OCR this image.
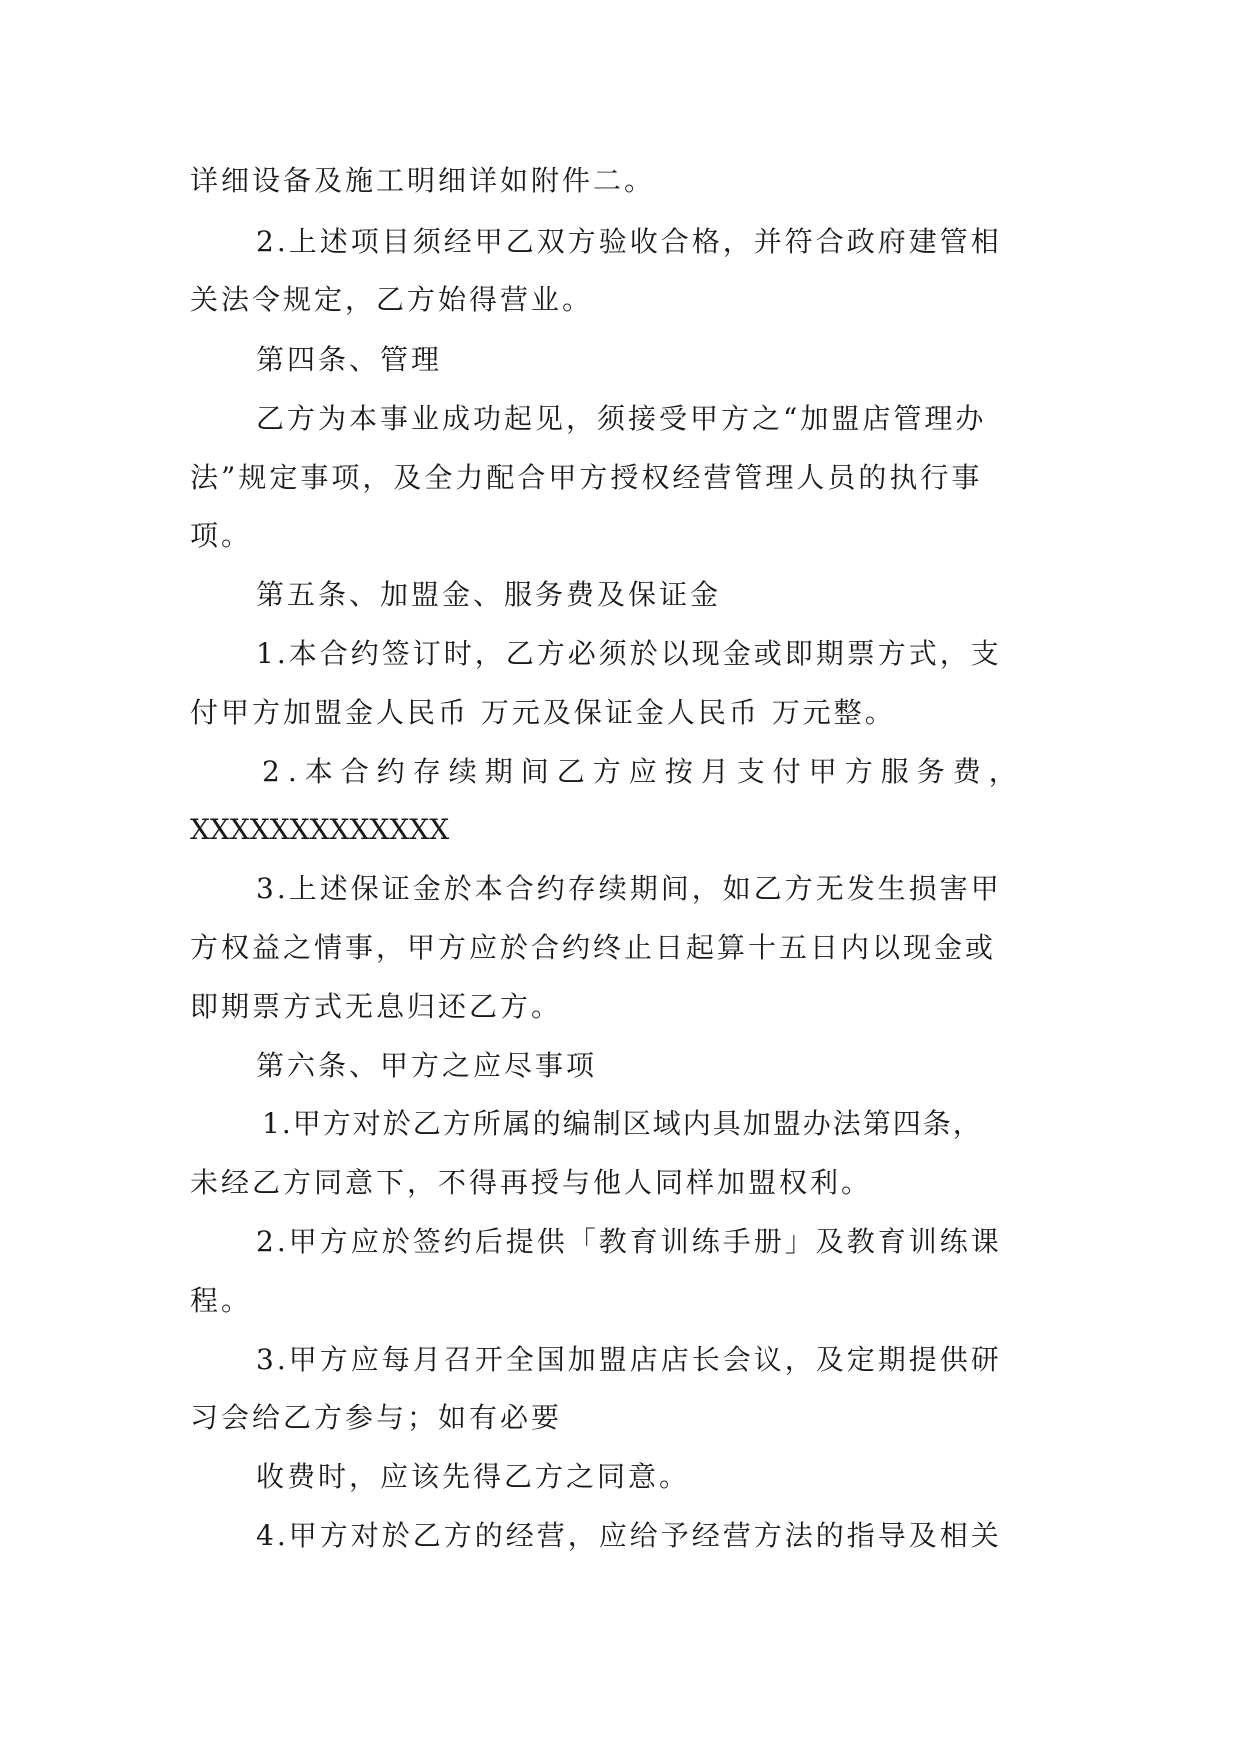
详细设备及施工明细详如附件二。
2.上述项目须经甲乙双方验收合格，并符合政府建管相
关法令规定，乙方始得营业。
第四条、管理
乙方为本事业成功起见，须接受甲方之“加盟店管理办
法”规定事项，及全力配合甲方授权经营管理人员的执行事
项。
第五条、加盟金、服务费及保证金
1.本合约签订时，乙方必须於以现金或即期票方式，支
付甲方加盟金人民币 万元及保证金人民币 万元整。
2.本合约存续期间乙方应按月支付甲方服务费，
XXXXXXXXXXXXX
3.上述保证金於本合约存续期间，如乙方无发生损害甲
方权益之情事，甲方应於合约终止日起算十五日内以现金或
即期票方式无息归还乙方。
第六条、甲方之应尽事项
1.甲方对於乙方所属的编制区域内具加盟办法第四条，
未经乙方同意下，不得再授与他人同样加盟权利。
2.甲方应於签约后提供「教育训练手册」及教育训练课
程。
3.甲方应每月召开全国加盟店店长会议，及定期提供研
习会给乙方参与；如有必要
收费时，应该先得乙方之同意。
4.甲方对於乙方的经营，应给予经营方法的指导及相关
